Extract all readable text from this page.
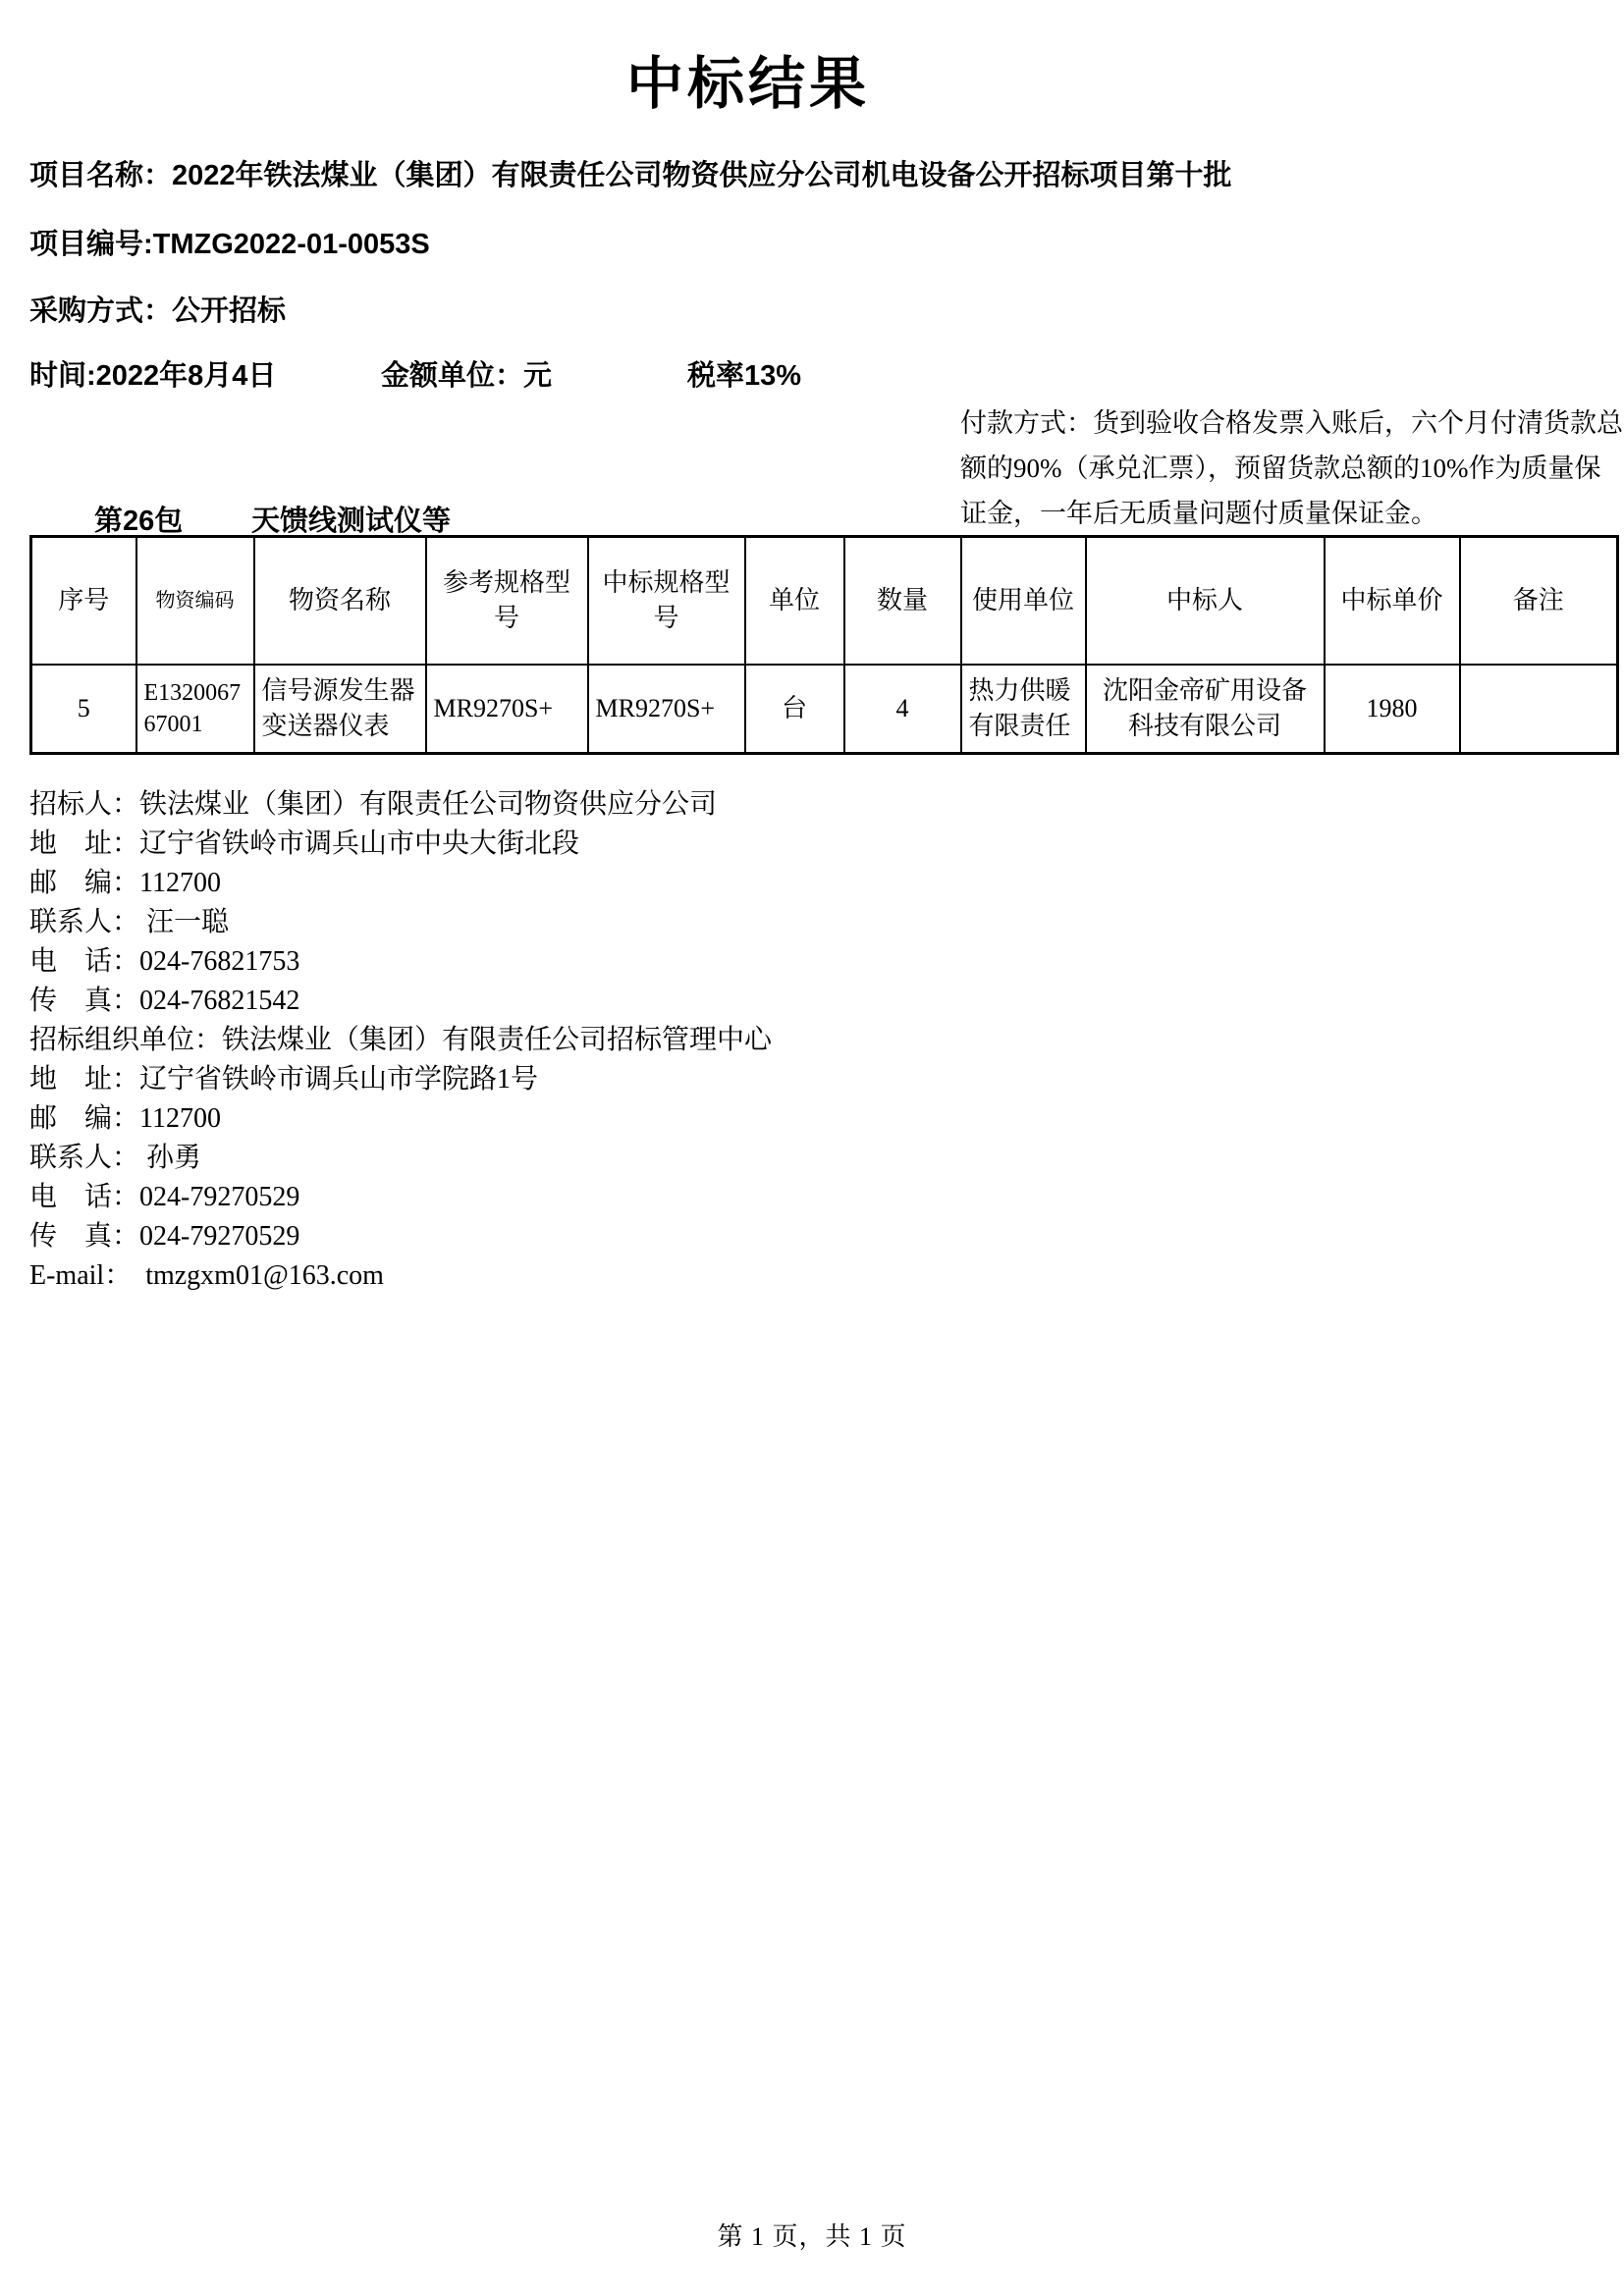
中标结果
项目名称：2022年铁法煤业（集团）有限责任公司物资供应分公司机电设备公开招标项目第十批
项目编号:TMZG2022-01-0053S
采购方式：公开招标
时间:2022年8月4日	金额单位：元	税率13%
付款方式：货到验收合格发票入账后，六个月付清货款总额的90%（承兑汇票），预留货款总额的10%作为质量保证金，一年后无质量问题付质量保证金。
第26包 天馈线测试仪等
序号	物资编码	物资名称	参考规格型号	中标规格型号	单位	数量	使用单位	中标人	中标单价	备注
5	E132006767001	信号源发生器变送器仪表	MR9270S+	MR9270S+	台	4	热力供暖有限责任	沈阳金帝矿用设备科技有限公司	1980	
招标人：铁法煤业（集团）有限责任公司物资供应分公司
地　址：辽宁省铁岭市调兵山市中央大街北段
邮　编：112700
联系人： 汪一聪
电　话：024-76821753
传　真：024-76821542
招标组织单位：铁法煤业（集团）有限责任公司招标管理中心
地　址：辽宁省铁岭市调兵山市学院路1号
邮　编：112700
联系人： 孙勇
电　话：024-79270529
传　真：024-79270529
E-mail：  tmzgxm01@163.com
第 1 页，共 1 页
